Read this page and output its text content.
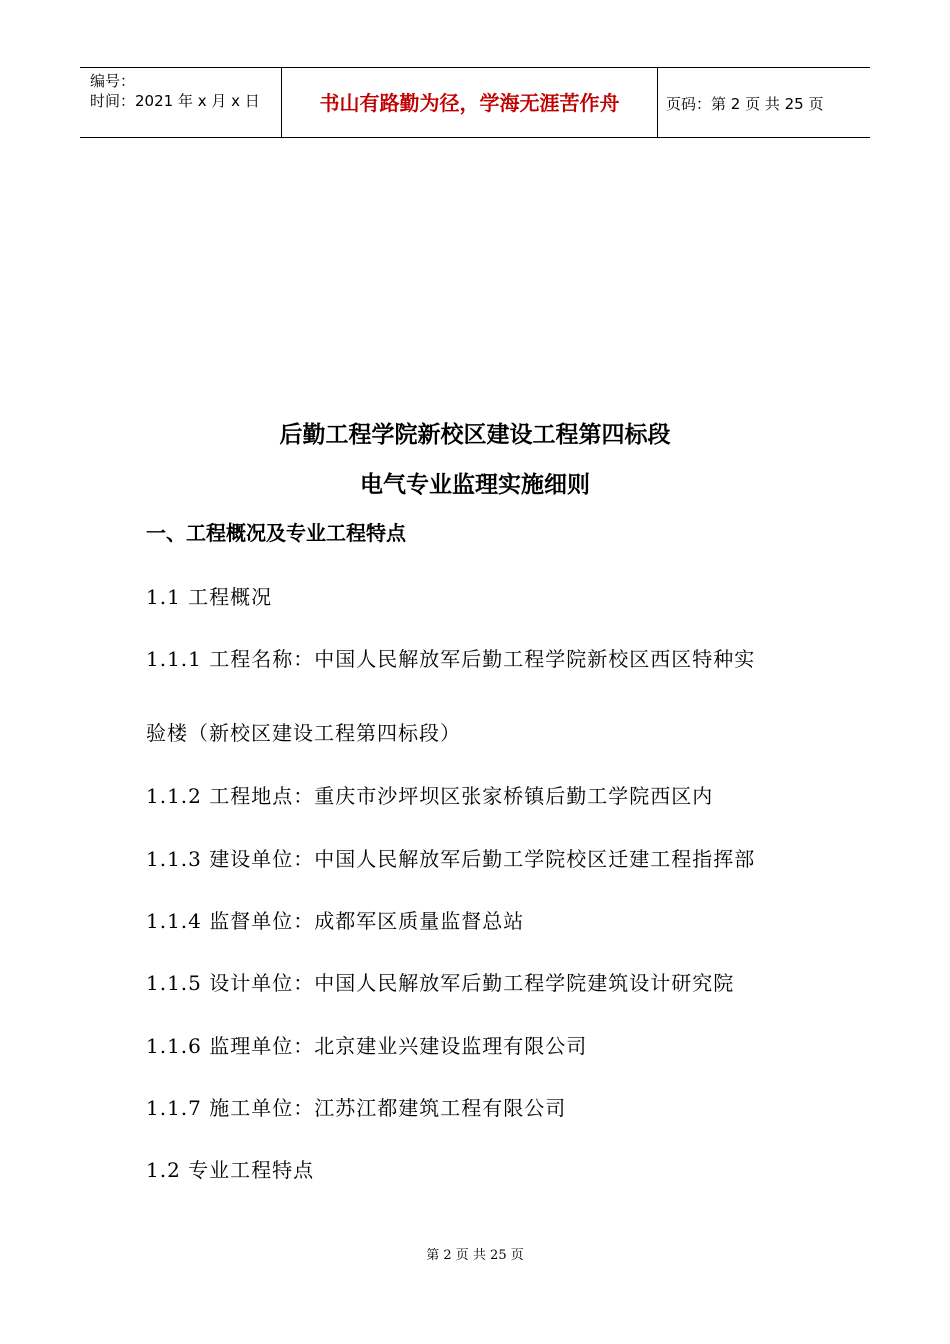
编号：
时间：2021 年 x 月 x 日	书山有路勤为径，学海无涯苦作舟	页码：第 2 页 共 25 页
后勤工程学院新校区建设工程第四标段
电气专业监理实施细则
一、工程概况及专业工程特点
1.1 工程概况
1.1.1 工程名称：中国人民解放军后勤工程学院新校区西区特种实
验楼（新校区建设工程第四标段）
1.1.2 工程地点：重庆市沙坪坝区张家桥镇后勤工学院西区内
1.1.3 建设单位：中国人民解放军后勤工学院校区迁建工程指挥部
1.1.4 监督单位：成都军区质量监督总站
1.1.5 设计单位：中国人民解放军后勤工程学院建筑设计研究院
1.1.6 监理单位：北京建业兴建设监理有限公司
1.1.7 施工单位：江苏江都建筑工程有限公司
1.2 专业工程特点
第 2 页 共 25 页
